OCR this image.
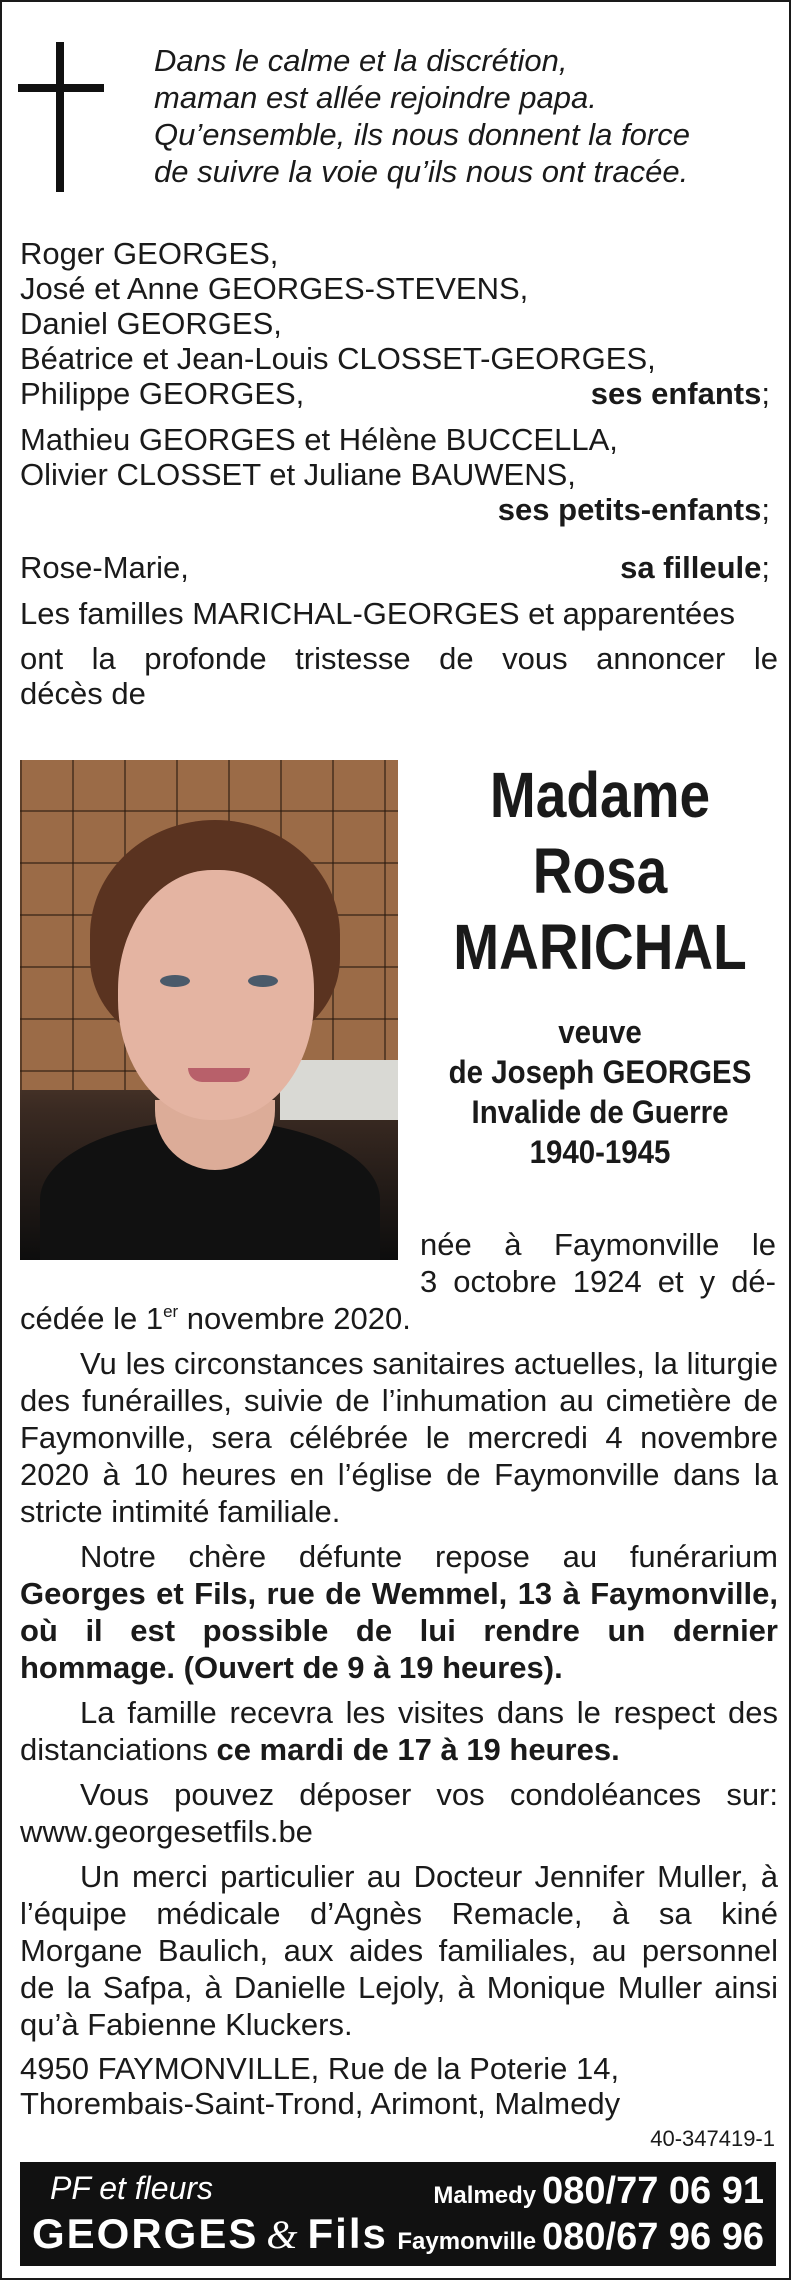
Dans le calme et la discrétion,
maman est allée rejoindre papa.
Qu’ensemble, ils nous donnent la force
de suivre la voie qu’ils nous ont tracée.
Roger GEORGES,
José et Anne GEORGES-STEVENS,
Daniel GEORGES,
Béatrice et Jean-Louis CLOSSET-GEORGES,
Philippe GEORGES,	ses enfants;
Mathieu GEORGES et Hélène BUCCELLA,
Olivier CLOSSET et Juliane BAUWENS,
ses petits-enfants;
Rose-Marie,	sa filleule;
Les familles MARICHAL-GEORGES et apparentées
ont la profonde tristesse de vous annoncer le
décès de
Madame
Rosa
MARICHAL
veuve
de Joseph GEORGES
Invalide de Guerre
1940-1945
née à Faymonville le
3 octobre 1924 et y dé-
cédée le 1er novembre 2020.
Vu les circonstances sanitaires actuelles, la liturgie des funérailles, suivie de l’inhumation au cimetière de Faymonville, sera célébrée le mercredi 4 novembre 2020 à 10 heures en l’église de Faymonville dans la stricte intimité familiale.
Notre chère défunte repose au funérarium Georges et Fils, rue de Wemmel, 13 à Faymonville, où il est possible de lui rendre un dernier hommage. (Ouvert de 9 à 19 heures).
La famille recevra les visites dans le respect des distanciations ce mardi de 17 à 19 heures.
Vous pouvez déposer vos condoléances sur:
www.georgesetfils.be
Un merci particulier au Docteur Jennifer Muller, à l’équipe médicale d’Agnès Remacle, à sa kiné Morgane Baulich, aux aides familiales, au personnel de la Safpa, à Danielle Lejoly, à Monique Muller ainsi qu’à Fabienne Kluckers.
4950 FAYMONVILLE, Rue de la Poterie 14,
Thorembais-Saint-Trond, Arimont, Malmedy
40-347419-1
PF et fleurs
GEORGES & Fils
Malmedy 080/77 06 91
Faymonville 080/67 96 96
